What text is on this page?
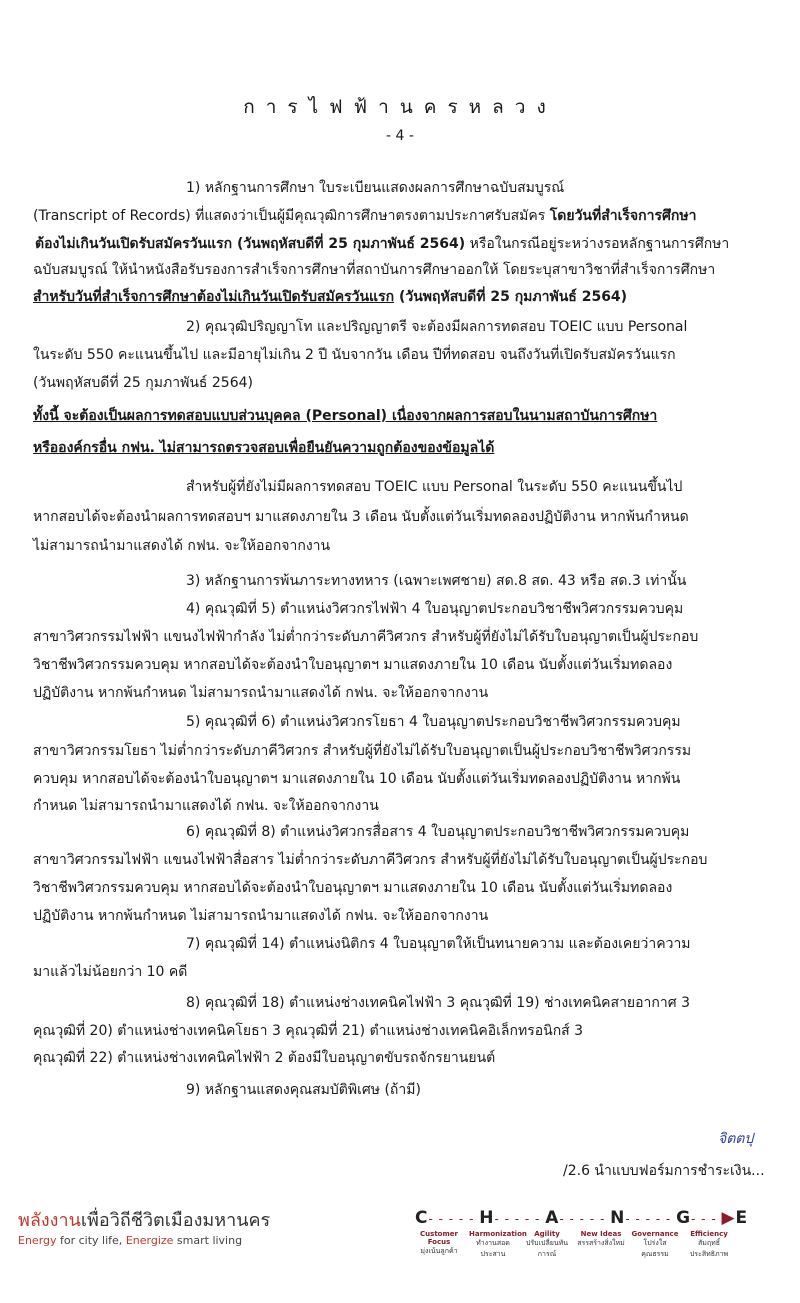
การไฟฟ้านครหลวง
- 4 -
1) หลักฐานการศึกษา ใบระเบียนแสดงผลการศึกษาฉบับสมบูรณ์
(Transcript of Records) ที่แสดงว่าเป็นผู้มีคุณวุฒิการศึกษาตรงตามประกาศรับสมัคร โดยวันที่สำเร็จการศึกษา
ต้องไม่เกินวันเปิดรับสมัครวันแรก (วันพฤหัสบดีที่ 25 กุมภาพันธ์ 2564) หรือในกรณีอยู่ระหว่างรอหลักฐานการศึกษา
ฉบับสมบูรณ์ ให้นำหนังสือรับรองการสำเร็จการศึกษาที่สถาบันการศึกษาออกให้ โดยระบุสาขาวิชาที่สำเร็จการศึกษา
สำหรับวันที่สำเร็จการศึกษาต้องไม่เกินวันเปิดรับสมัครวันแรก (วันพฤหัสบดีที่ 25 กุมภาพันธ์ 2564)
2) คุณวุฒิปริญญาโท และปริญญาตรี จะต้องมีผลการทดสอบ TOEIC แบบ Personal
ในระดับ 550 คะแนนขึ้นไป และมีอายุไม่เกิน 2 ปี นับจากวัน เดือน ปีที่ทดสอบ จนถึงวันที่เปิดรับสมัครวันแรก
(วันพฤหัสบดีที่ 25 กุมภาพันธ์ 2564)
ทั้งนี้ จะต้องเป็นผลการทดสอบแบบส่วนบุคคล (Personal) เนื่องจากผลการสอบในนามสถาบันการศึกษา
หรือองค์กรอื่น กฟน. ไม่สามารถตรวจสอบเพื่อยืนยันความถูกต้องของข้อมูลได้
สำหรับผู้ที่ยังไม่มีผลการทดสอบ TOEIC แบบ Personal ในระดับ 550 คะแนนขึ้นไป
หากสอบได้จะต้องนำผลการทดสอบฯ มาแสดงภายใน 3 เดือน นับตั้งแต่วันเริ่มทดลองปฏิบัติงาน หากพ้นกำหนด
ไม่สามารถนำมาแสดงได้ กฟน. จะให้ออกจากงาน
3) หลักฐานการพ้นภาระทางทหาร (เฉพาะเพศชาย) สด.8 สด. 43 หรือ สด.3 เท่านั้น
4) คุณวุฒิที่ 5) ตำแหน่งวิศวกรไฟฟ้า 4 ใบอนุญาตประกอบวิชาชีพวิศวกรรมควบคุม
สาขาวิศวกรรมไฟฟ้า แขนงไฟฟ้ากำลัง ไม่ต่ำกว่าระดับภาคีวิศวกร สำหรับผู้ที่ยังไม่ได้รับใบอนุญาตเป็นผู้ประกอบ
วิชาชีพวิศวกรรมควบคุม หากสอบได้จะต้องนำใบอนุญาตฯ มาแสดงภายใน 10 เดือน นับตั้งแต่วันเริ่มทดลอง
ปฏิบัติงาน หากพ้นกำหนด ไม่สามารถนำมาแสดงได้ กฟน. จะให้ออกจากงาน
5) คุณวุฒิที่ 6) ตำแหน่งวิศวกรโยธา 4 ใบอนุญาตประกอบวิชาชีพวิศวกรรมควบคุม
สาขาวิศวกรรมโยธา ไม่ต่ำกว่าระดับภาคีวิศวกร สำหรับผู้ที่ยังไม่ได้รับใบอนุญาตเป็นผู้ประกอบวิชาชีพวิศวกรรม
ควบคุม หากสอบได้จะต้องนำใบอนุญาตฯ มาแสดงภายใน 10 เดือน นับตั้งแต่วันเริ่มทดลองปฏิบัติงาน หากพ้น
กำหนด ไม่สามารถนำมาแสดงได้ กฟน. จะให้ออกจากงาน
6) คุณวุฒิที่ 8) ตำแหน่งวิศวกรสื่อสาร 4 ใบอนุญาตประกอบวิชาชีพวิศวกรรมควบคุม
สาขาวิศวกรรมไฟฟ้า แขนงไฟฟ้าสื่อสาร ไม่ต่ำกว่าระดับภาคีวิศวกร สำหรับผู้ที่ยังไม่ได้รับใบอนุญาตเป็นผู้ประกอบ
วิชาชีพวิศวกรรมควบคุม หากสอบได้จะต้องนำใบอนุญาตฯ มาแสดงภายใน 10 เดือน นับตั้งแต่วันเริ่มทดลอง
ปฏิบัติงาน หากพ้นกำหนด ไม่สามารถนำมาแสดงได้ กฟน. จะให้ออกจากงาน
7) คุณวุฒิที่ 14) ตำแหน่งนิติกร 4 ใบอนุญาตให้เป็นทนายความ และต้องเคยว่าความ
มาแล้วไม่น้อยกว่า 10 คดี
8) คุณวุฒิที่ 18) ตำแหน่งช่างเทคนิคไฟฟ้า 3 คุณวุฒิที่ 19) ช่างเทคนิคสายอากาศ 3
คุณวุฒิที่ 20) ตำแหน่งช่างเทคนิคโยธา 3 คุณวุฒิที่ 21) ตำแหน่งช่างเทคนิคอิเล็กทรอนิกส์ 3
คุณวุฒิที่ 22) ตำแหน่งช่างเทคนิคไฟฟ้า 2 ต้องมีใบอนุญาตขับรถจักรยานยนต์
9) หลักฐานแสดงคุณสมบัติพิเศษ (ถ้ามี)
จิตตปุ
/2.6 นำแบบฟอร์มการชำระเงิน...
พลังงานเพื่อวิถีชีวิตเมืองมหานคร
Energy for city life, Energize smart living
C- - - - - H- - - - - A- - - - - N- - - - - G- - - ▶E
Customer Focus
มุ่งเน้นลูกค้า
Harmonization
ทำงานสอดประสาน
Agility
ปรับเปลี่ยนทันการณ์
New Ideas
สรรสร้างสิ่งใหม่
Governance
โปร่งใสคุณธรรม
Efficiency
สัมฤทธิ์ประสิทธิภาพ
